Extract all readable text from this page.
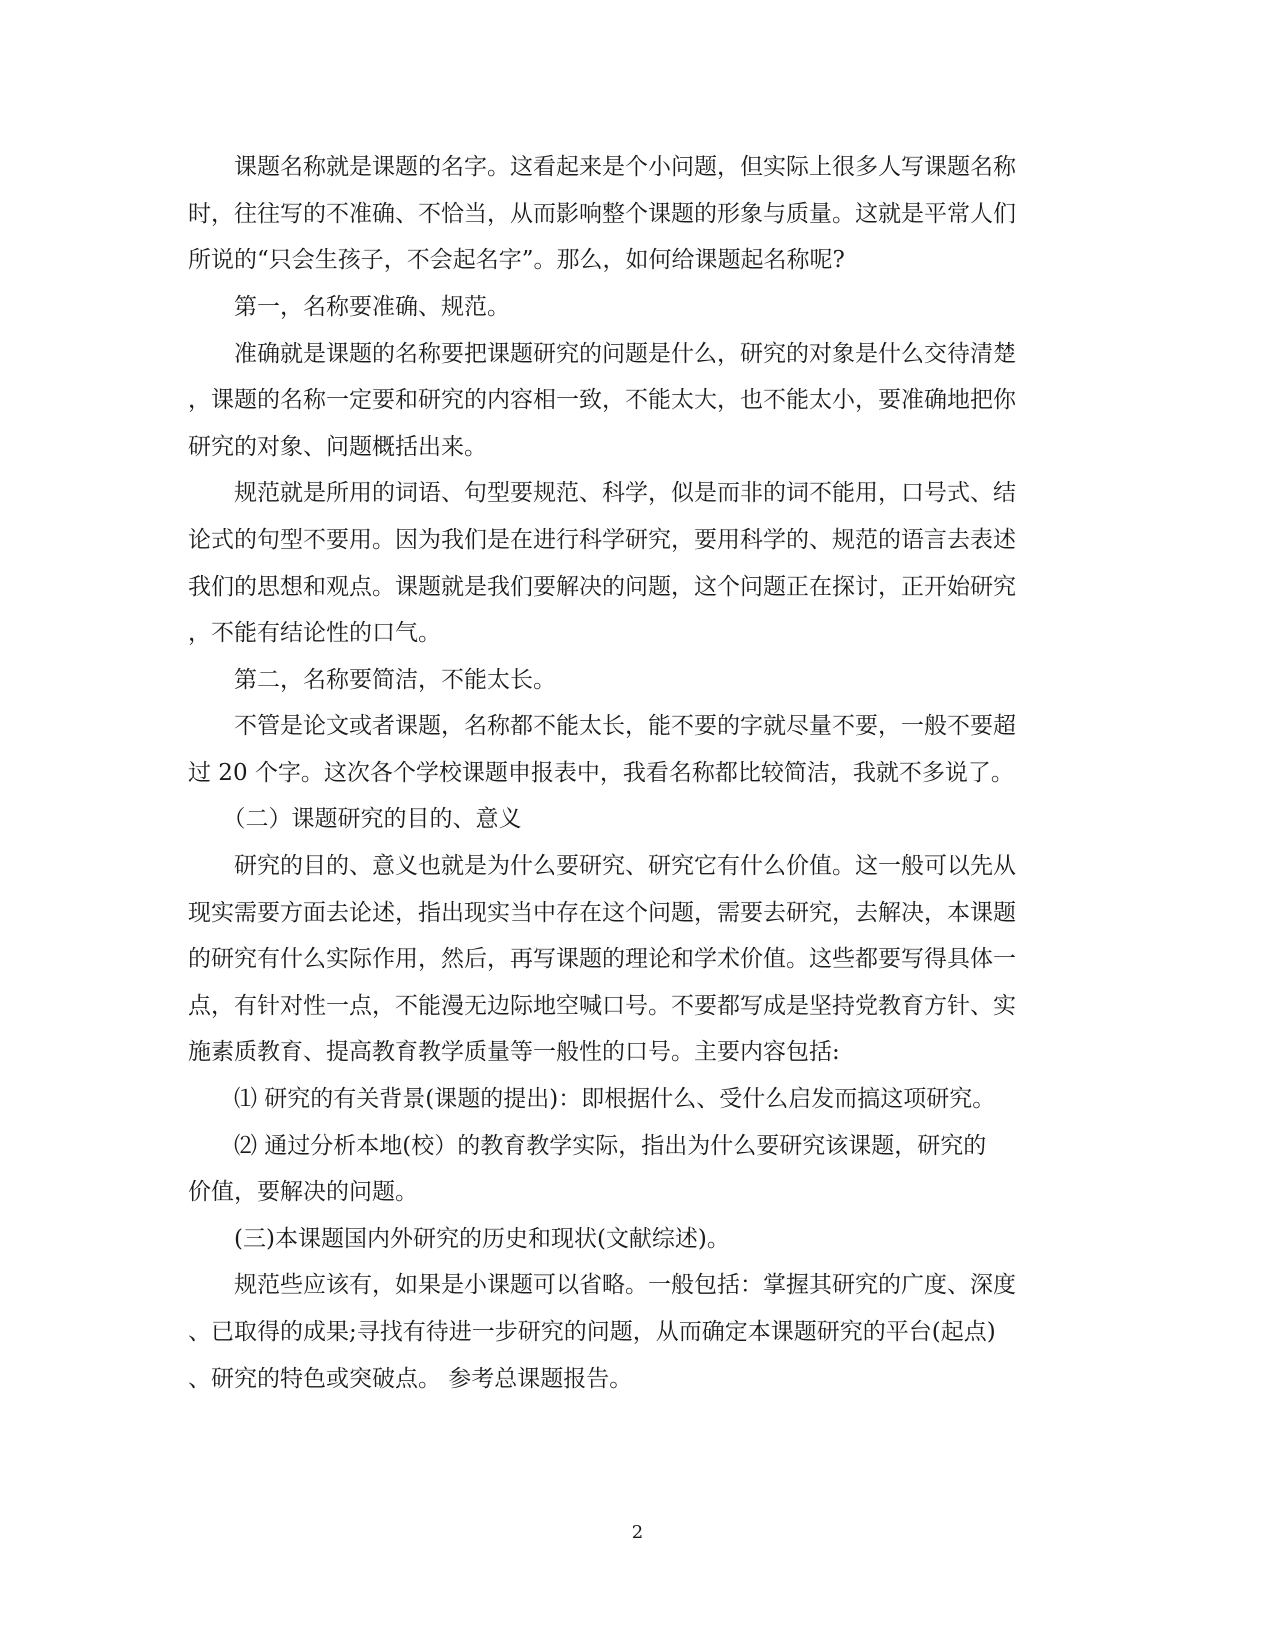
　　课题名称就是课题的名字。这看起来是个小问题，但实际上很多人写课题名称
时，往往写的不准确、不恰当，从而影响整个课题的形象与质量。这就是平常人们
所说的“只会生孩子，不会起名字”。那么，如何给课题起名称呢?
　　第一，名称要准确、规范。
　　准确就是课题的名称要把课题研究的问题是什么，研究的对象是什么交待清楚
，课题的名称一定要和研究的内容相一致，不能太大，也不能太小，要准确地把你
研究的对象、问题概括出来。
　　规范就是所用的词语、句型要规范、科学，似是而非的词不能用，口号式、结
论式的句型不要用。因为我们是在进行科学研究，要用科学的、规范的语言去表述
我们的思想和观点。课题就是我们要解决的问题，这个问题正在探讨，正开始研究
，不能有结论性的口气。
　　第二，名称要简洁，不能太长。
　　不管是论文或者课题，名称都不能太长，能不要的字就尽量不要，一般不要超
过 20 个字。这次各个学校课题申报表中，我看名称都比较简洁，我就不多说了。
　　（二）课题研究的目的、意义
　　研究的目的、意义也就是为什么要研究、研究它有什么价值。这一般可以先从
现实需要方面去论述，指出现实当中存在这个问题，需要去研究，去解决，本课题
的研究有什么实际作用，然后，再写课题的理论和学术价值。这些都要写得具体一
点，有针对性一点，不能漫无边际地空喊口号。不要都写成是坚持党教育方针、实
施素质教育、提高教育教学质量等一般性的口号。主要内容包括:
　　⑴ 研究的有关背景(课题的提出)：即根据什么、受什么启发而搞这项研究。
　　⑵ 通过分析本地(校）的教育教学实际，指出为什么要研究该课题，研究的
价值，要解决的问题。
　　(三)本课题国内外研究的历史和现状(文献综述)。
　　规范些应该有，如果是小课题可以省略。一般包括：掌握其研究的广度、深度
、已取得的成果;寻找有待进一步研究的问题，从而确定本课题研究的平台(起点)
、研究的特色或突破点。 参考总课题报告。
2
